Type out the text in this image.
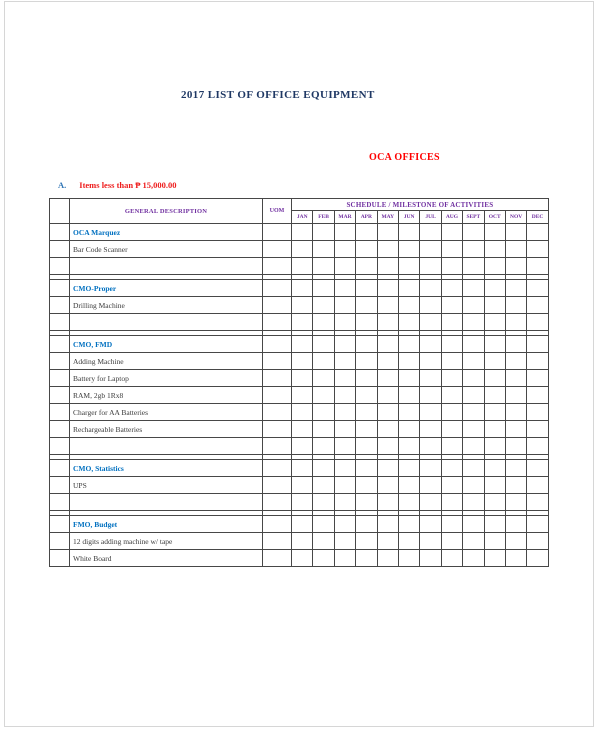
2017 LIST OF OFFICE EQUIPMENT
OCA OFFICES
A. Items less than ₱ 15,000.00
	GENERAL DESCRIPTION	UOM	SCHEDULE / MILESTONE OF ACTIVITIES											
			JAN	FEB	MAR	APR	MAY	JUN	JUL	AUG	SEPT	OCT	NOV	DEC
	OCA Marquez													
	Bar Code Scanner													

	CMO-Proper													
	Drilling Machine													

	CMO, FMD													
	Adding Machine													
	Battery for Laptop													
	RAM, 2gb 1Rx8													
	Charger for AA Batteries													
	Rechargeable Batteries													

	CMO, Statistics													
	UPS													

	FMO, Budget													
	12 digits adding machine w/ tape													
	White Board													
